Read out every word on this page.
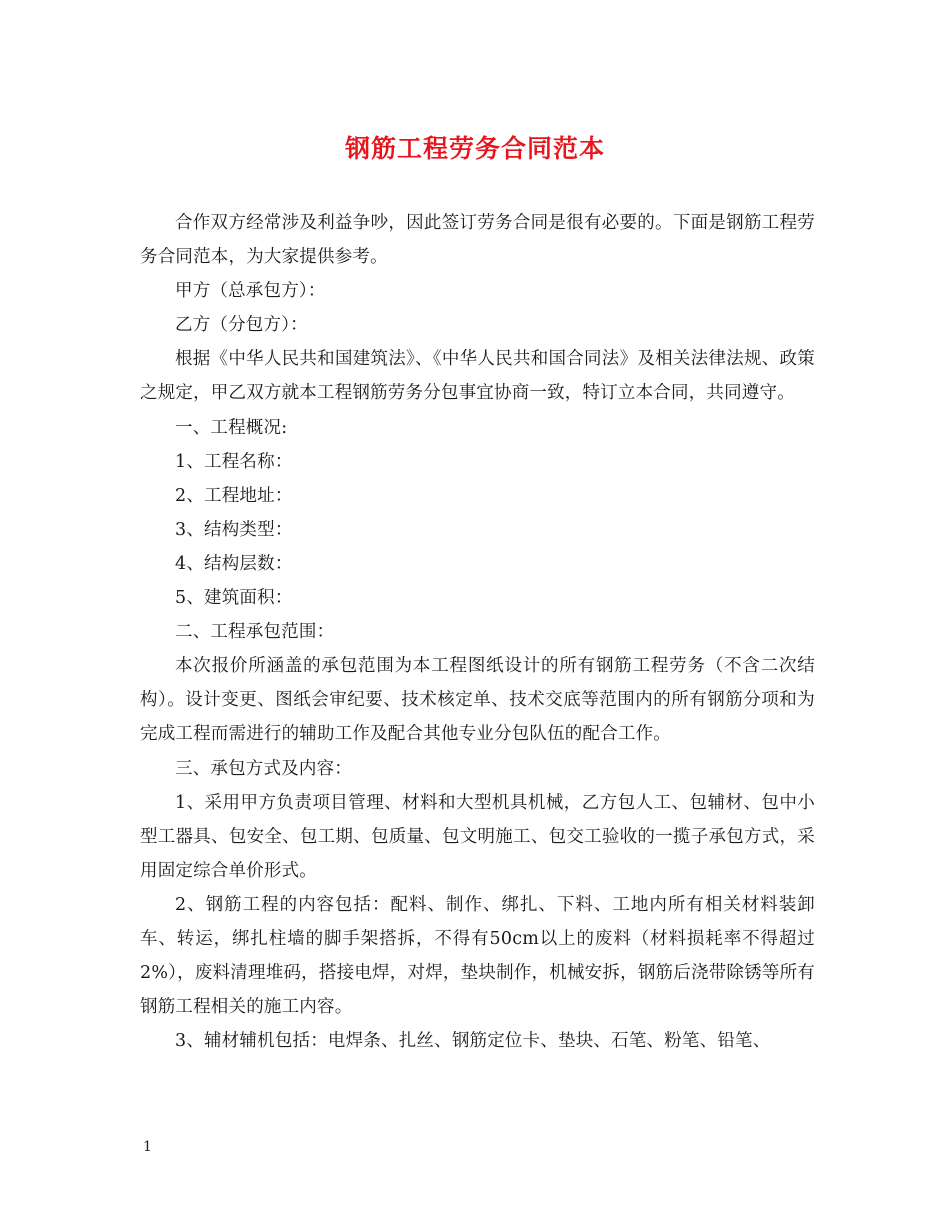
钢筋工程劳务合同范本

合作双方经常涉及利益争吵，因此签订劳务合同是很有必要的。下面是钢筋工程劳务合同范本，为大家提供参考。

甲方（总承包方）：

乙方（分包方）：

根据《中华人民共和国建筑法》、《中华人民共和国合同法》及相关法律法规、政策之规定，甲乙双方就本工程钢筋劳务分包事宜协商一致，特订立本合同，共同遵守。

一、工程概况:

1、工程名称：

2、工程地址：

3、结构类型：

4、结构层数：

5、建筑面积：

二、工程承包范围：

本次报价所涵盖的承包范围为本工程图纸设计的所有钢筋工程劳务（不含二次结构）。设计变更、图纸会审纪要、技术核定单、技术交底等范围内的所有钢筋分项和为完成工程而需进行的辅助工作及配合其他专业分包队伍的配合工作。

三、承包方式及内容：

1、采用甲方负责项目管理、材料和大型机具机械，乙方包人工、包辅材、包中小型工器具、包安全、包工期、包质量、包文明施工、包交工验收的一揽子承包方式，采用固定综合单价形式。

2、钢筋工程的内容包括：配料、制作、绑扎、下料、工地内所有相关材料装卸车、转运，绑扎柱墙的脚手架搭拆，不得有50cm以上的废料（材料损耗率不得超过2%），废料清理堆码，搭接电焊，对焊，垫块制作，机械安拆，钢筋后浇带除锈等所有钢筋工程相关的施工内容。

3、辅材辅机包括：电焊条、扎丝、钢筋定位卡、垫块、石笔、粉笔、铅笔、

1
